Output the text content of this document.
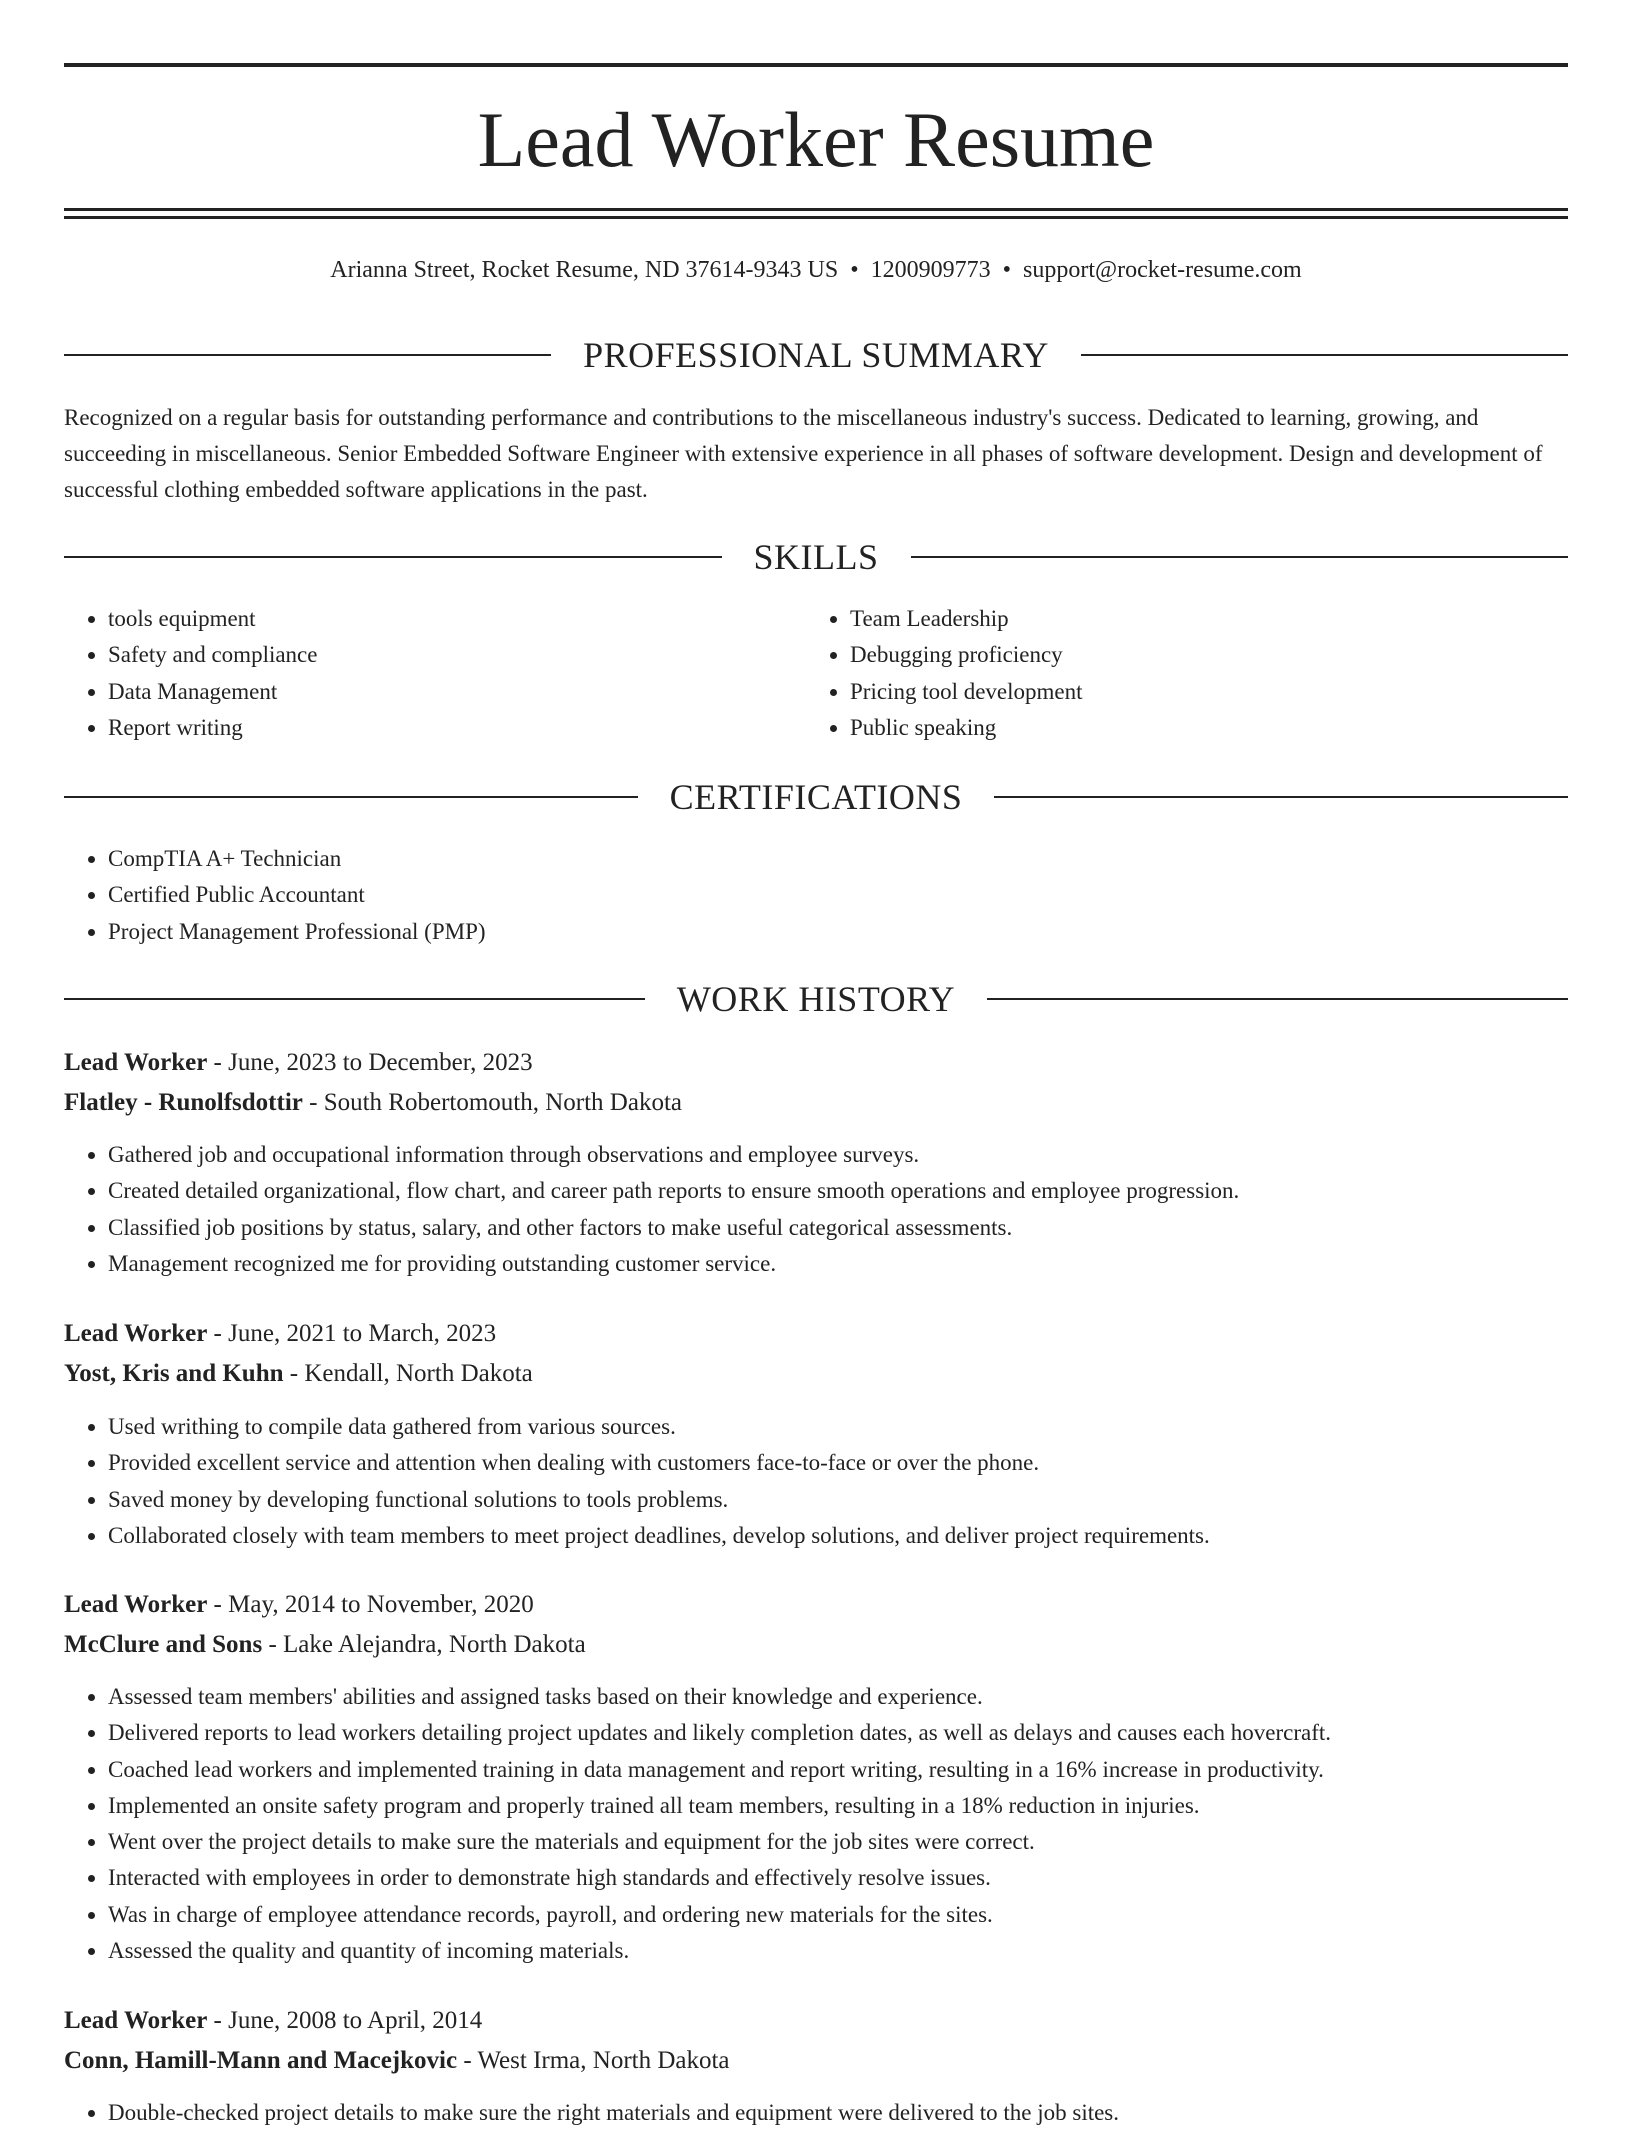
Lead Worker Resume
Arianna Street, Rocket Resume, ND 37614-9343 US • 1200909773 • support@rocket-resume.com
PROFESSIONAL SUMMARY

Recognized on a regular basis for outstanding performance and contributions to the miscellaneous industry's success. Dedicated to learning, growing, and succeeding in miscellaneous. Senior Embedded Software Engineer with extensive experience in all phases of software development. Design and development of successful clothing embedded software applications in the past.

SKILLS
• tools equipment
• Safety and compliance
• Data Management
• Report writing
• Team Leadership
• Debugging proficiency
• Pricing tool development
• Public speaking
CERTIFICATIONS
• CompTIA A+ Technician
• Certified Public Accountant
• Project Management Professional (PMP)
WORK HISTORY
Lead Worker - June, 2023 to December, 2023
Flatley - Runolfsdottir - South Robertomouth, North Dakota
• Gathered job and occupational information through observations and employee surveys.
• Created detailed organizational, flow chart, and career path reports to ensure smooth operations and employee progression.
• Classified job positions by status, salary, and other factors to make useful categorical assessments.
• Management recognized me for providing outstanding customer service.
Lead Worker - June, 2021 to March, 2023
Yost, Kris and Kuhn - Kendall, North Dakota
• Used writhing to compile data gathered from various sources.
• Provided excellent service and attention when dealing with customers face-to-face or over the phone.
• Saved money by developing functional solutions to tools problems.
• Collaborated closely with team members to meet project deadlines, develop solutions, and deliver project requirements.
Lead Worker - May, 2014 to November, 2020
McClure and Sons - Lake Alejandra, North Dakota
• Assessed team members' abilities and assigned tasks based on their knowledge and experience.
• Delivered reports to lead workers detailing project updates and likely completion dates, as well as delays and causes each hovercraft.
• Coached lead workers and implemented training in data management and report writing, resulting in a 16% increase in productivity.
• Implemented an onsite safety program and properly trained all team members, resulting in a 18% reduction in injuries.
• Went over the project details to make sure the materials and equipment for the job sites were correct.
• Interacted with employees in order to demonstrate high standards and effectively resolve issues.
• Was in charge of employee attendance records, payroll, and ordering new materials for the sites.
• Assessed the quality and quantity of incoming materials.
Lead Worker - June, 2008 to April, 2014
Conn, Hamill-Mann and Macejkovic - West Irma, North Dakota
• Double-checked project details to make sure the right materials and equipment were delivered to the job sites.
